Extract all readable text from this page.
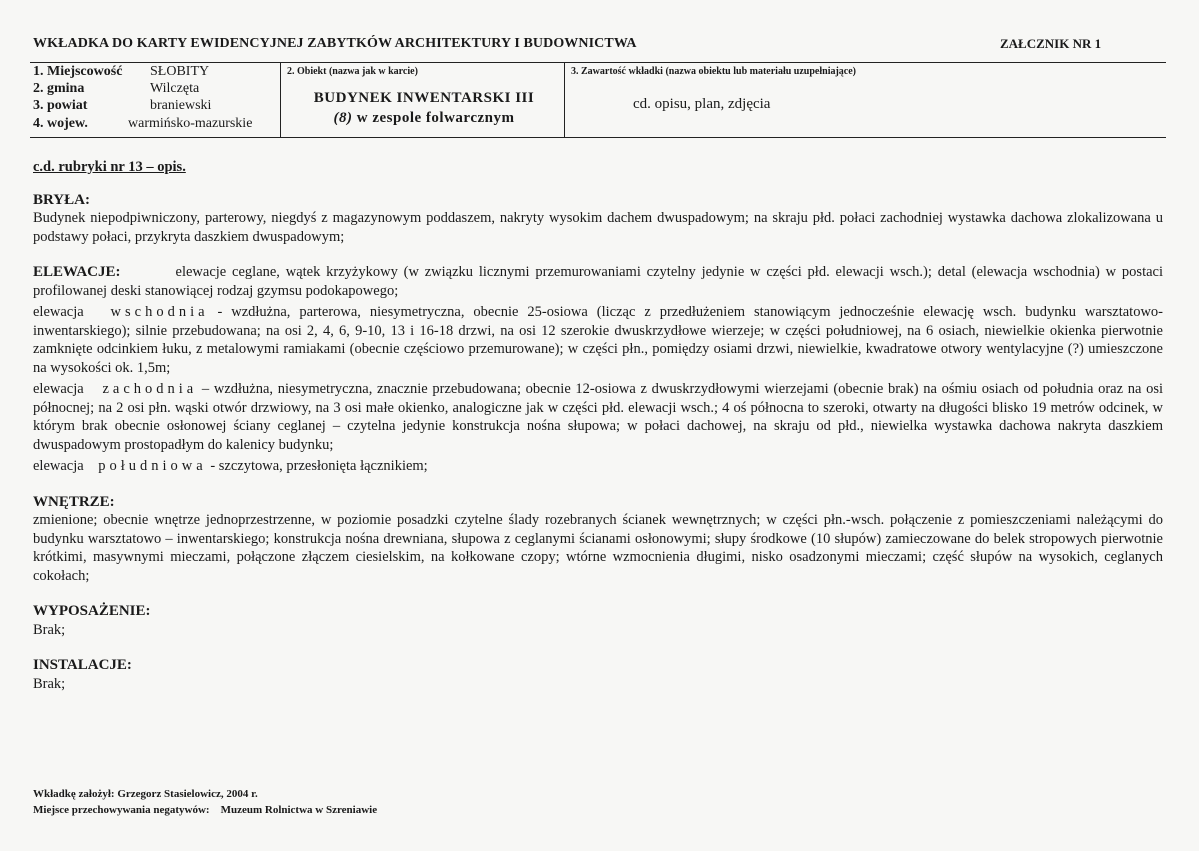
WKŁADKA DO KARTY EWIDENCYJNEJ ZABYTKÓW ARCHITEKTURY I BUDOWNICTWA	ZAŁCZNIK NR 1
1. Miejscowość SŁOBITY
2. gmina	Wilczęta
3. powiat	braniewski
4. wojew.	warmińsko-mazurskie
2. Obiekt (nazwa jak w karcie)
BUDYNEK INWENTARSKI III
(8) w zespole folwarcznym
3. Zawartość wkładki (nazwa obiektu lub materiału uzupełniające)
cd. opisu, plan, zdjęcia

c.d. rubryki nr 13 – opis.

BRYŁA:

Budynek niepodpiwniczony, parterowy, niegdyś z magazynowym poddaszem, nakryty wysokim dachem dwuspadowym; na skraju płd. połaci zachodniej wystawka dachowa zlokalizowana u podstawy połaci, przykryta daszkiem dwuspadowym;

ELEWACJE:	elewacje ceglane, wątek krzyżykowy (w związku licznymi przemurowaniami czytelny jedynie w części płd. elewacji wsch.); detal (elewacja wschodnia) w postaci profilowanej deski stanowiącej rodzaj gzymsu podokapowego;

elewacja wschodnia - wzdłużna, parterowa, niesymetryczna, obecnie 25-osiowa (licząc z przedłużeniem stanowiącym jednocześnie elewację wsch. budynku warsztatowo-inwentarskiego); silnie przebudowana; na osi 2, 4, 6, 9-10, 13 i 16-18 drzwi, na osi 12 szerokie dwuskrzydłowe wierzeje; w części południowej, na 6 osiach, niewielkie okienka pierwotnie zamknięte odcinkiem łuku, z metalowymi ramiakami (obecnie częściowo przemurowane); w części płn., pomiędzy osiami drzwi, niewielkie, kwadratowe otwory wentylacyjne (?) umieszczone na wysokości ok. 1,5m;

elewacja zachodnia – wzdłużna, niesymetryczna, znacznie przebudowana; obecnie 12-osiowa z dwuskrzydłowymi wierzejami (obecnie brak) na ośmiu osiach od południa oraz na osi północnej; na 2 osi płn. wąski otwór drzwiowy, na 3 osi małe okienko, analogiczne jak w części płd. elewacji wsch.; 4 oś północna to szeroki, otwarty na długości blisko 19 metrów odcinek, w którym brak obecnie osłonowej ściany ceglanej – czytelna jedynie konstrukcja nośna słupowa; w połaci dachowej, na skraju od płd., niewielka wystawka dachowa nakryta daszkiem dwuspadowym prostopadłym do kalenicy budynku;

elewacja południowa - szczytowa, przesłonięta łącznikiem;

WNĘTRZE:

zmienione; obecnie wnętrze jednoprzestrzenne, w poziomie posadzki czytelne ślady rozebranych ścianek wewnętrznych; w części płn.-wsch. połączenie z pomieszczeniami należącymi do budynku warsztatowo – inwentarskiego; konstrukcja nośna drewniana, słupowa z ceglanymi ścianami osłonowymi; słupy środkowe (10 słupów) zamieczowane do belek stropowych pierwotnie krótkimi, masywnymi mieczami, połączone złączem ciesielskim, na kołkowane czopy; wtórne wzmocnienia długimi, nisko osadzonymi mieczami; część słupów na wysokich, ceglanych cokołach;

WYPOSAŻENIE:

Brak;

INSTALACJE:

Brak;

Wkładkę założył: Grzegorz Stasielowicz, 2004 r.
Miejsce przechowywania negatywów: Muzeum Rolnictwa w Szreniawie
